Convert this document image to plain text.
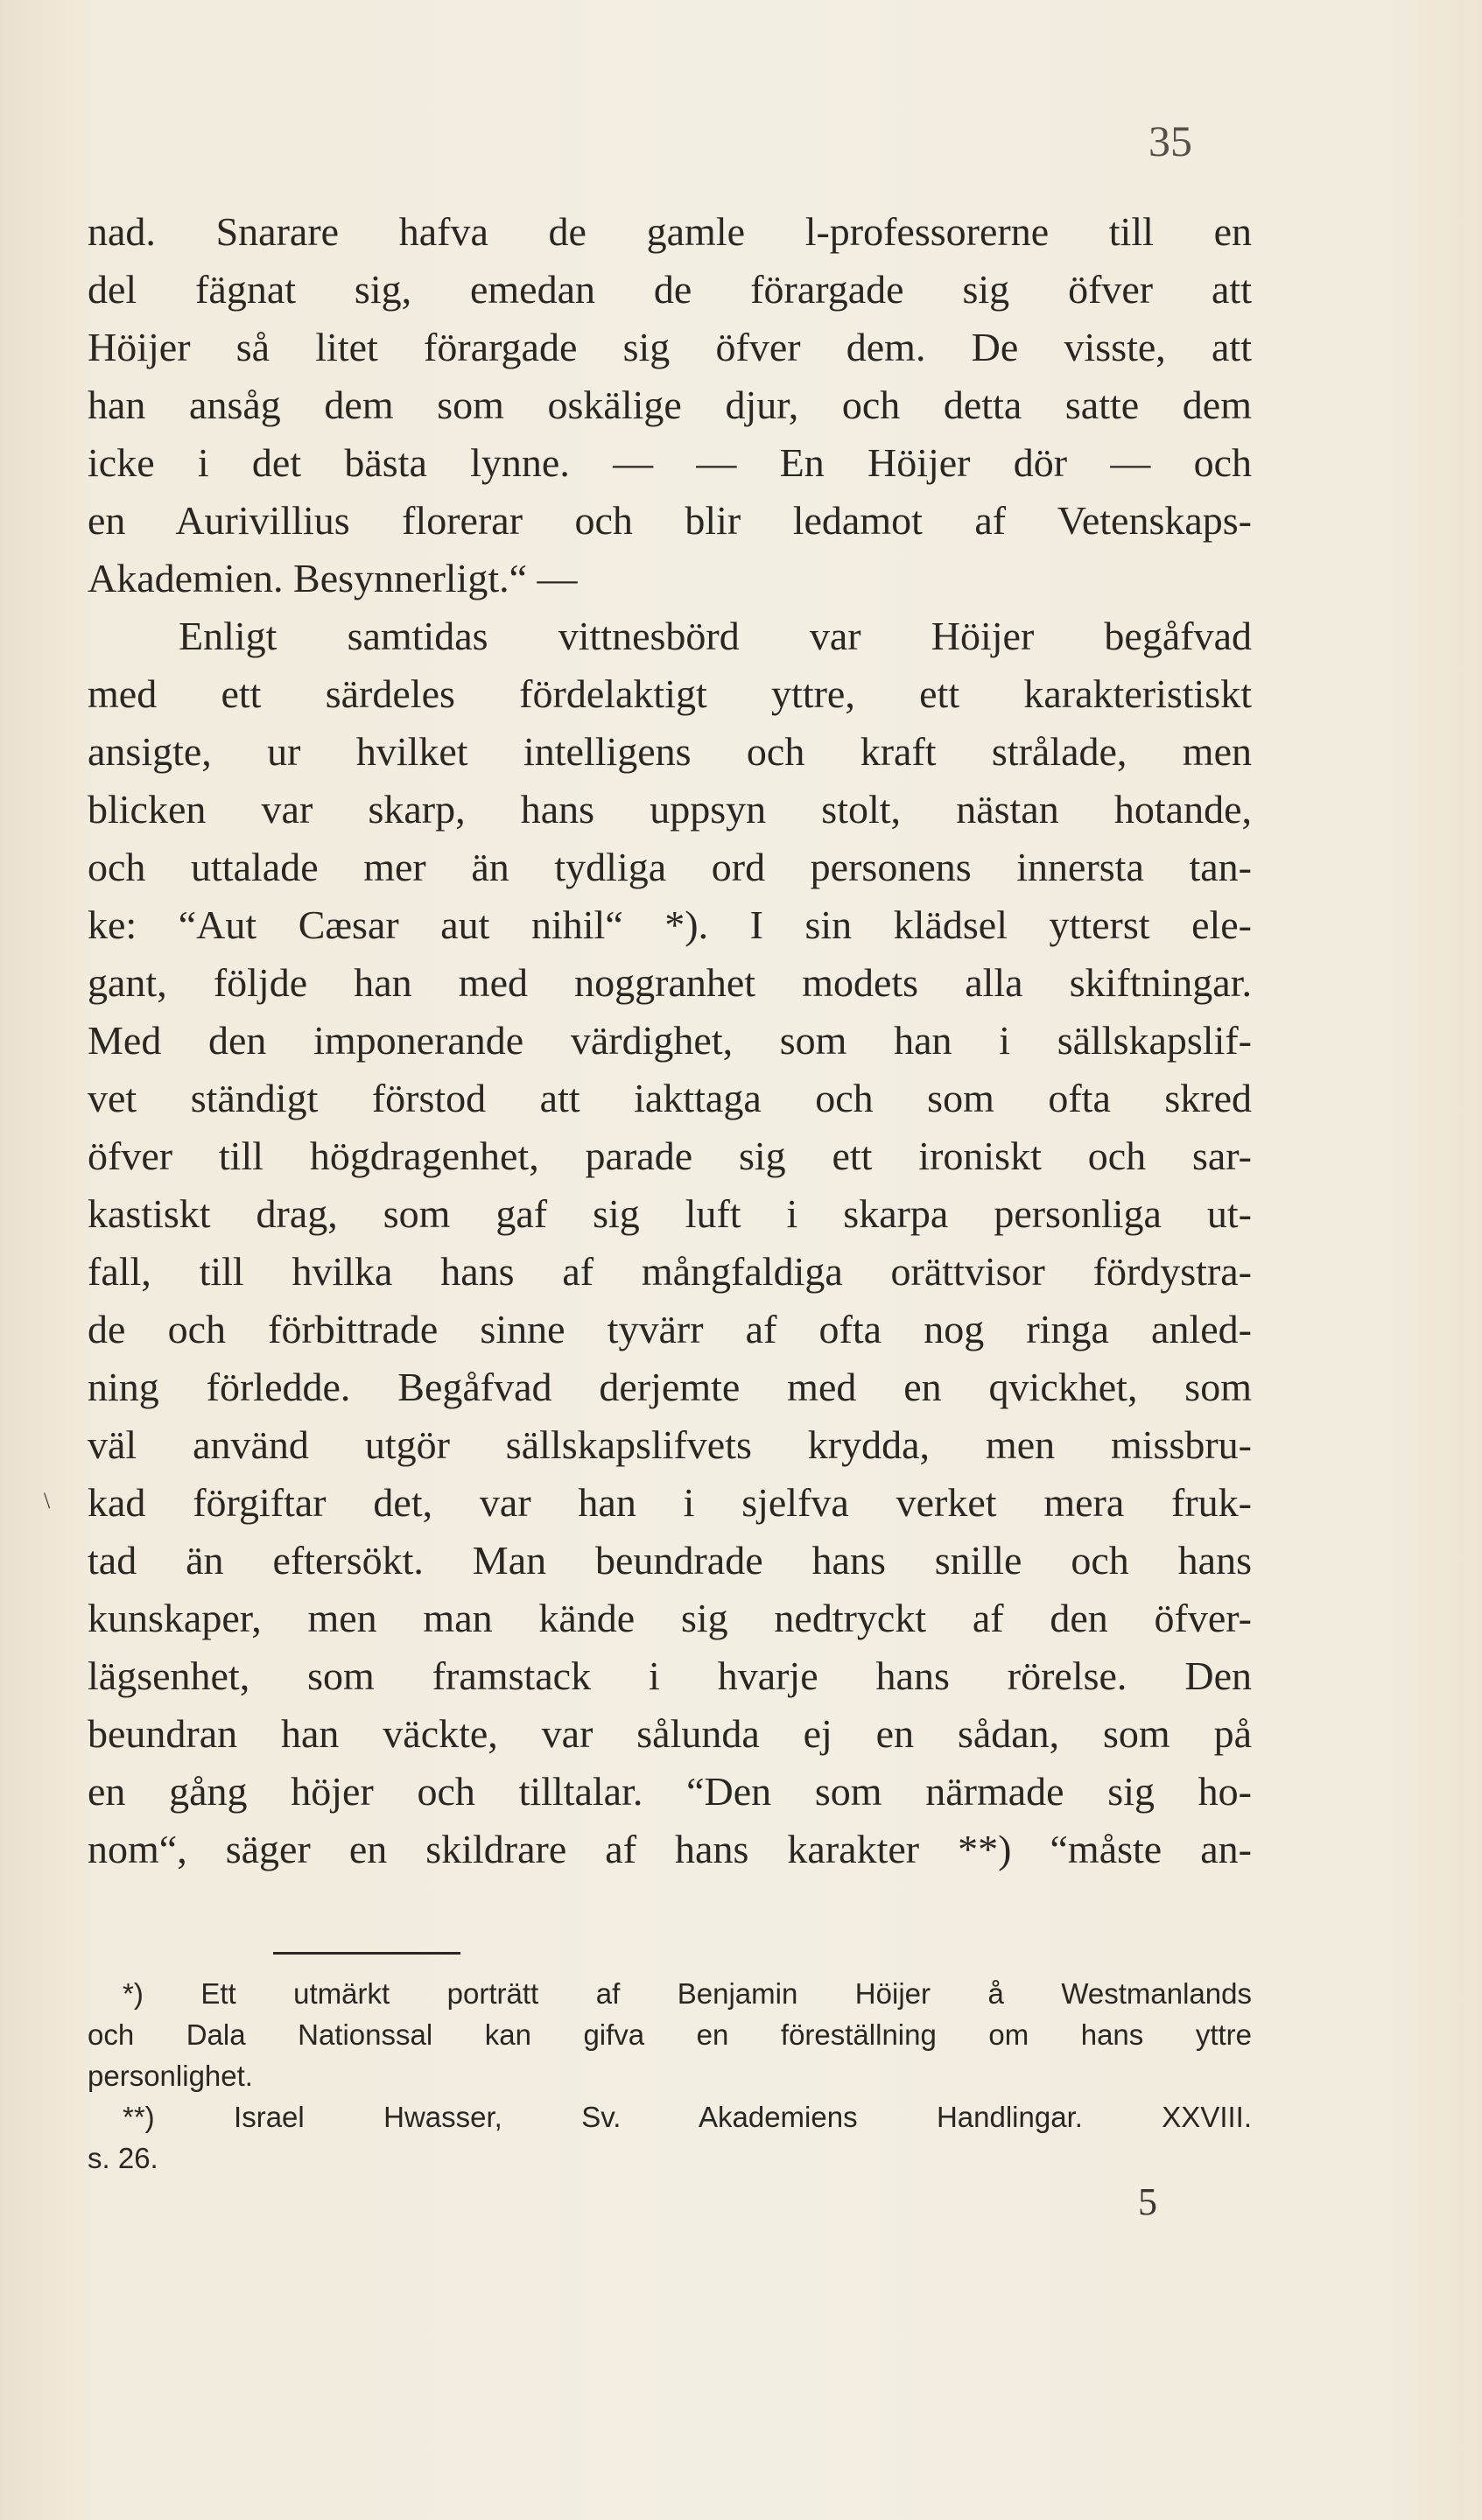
35
\
nad. Snarare hafva de gamle l-professorerne till en
del fägnat sig, emedan de förargade sig öfver att
Höijer så litet förargade sig öfver dem. De visste, att
han ansåg dem som oskälige djur, och detta satte dem
icke i det bästa lynne. — — En Höijer dör — och
en Aurivillius florerar och blir ledamot af Vetenskaps-
Akademien. Besynnerligt.“ —
Enligt samtidas vittnesbörd var Höijer begåfvad
med ett särdeles fördelaktigt yttre, ett karakteristiskt
ansigte, ur hvilket intelligens och kraft strålade, men
blicken var skarp, hans uppsyn stolt, nästan hotande,
och uttalade mer än tydliga ord personens innersta tan-
ke: “Aut Cæsar aut nihil“ *). I sin klädsel ytterst ele-
gant, följde han med noggranhet modets alla skiftningar.
Med den imponerande värdighet, som han i sällskapslif-
vet ständigt förstod att iakttaga och som ofta skred
öfver till högdragenhet, parade sig ett ironiskt och sar-
kastiskt drag, som gaf sig luft i skarpa personliga ut-
fall, till hvilka hans af mångfaldiga orättvisor fördystra-
de och förbittrade sinne tyvärr af ofta nog ringa anled-
ning förledde. Begåfvad derjemte med en qvickhet, som
väl använd utgör sällskapslifvets krydda, men missbru-
kad förgiftar det, var han i sjelfva verket mera fruk-
tad än eftersökt. Man beundrade hans snille och hans
kunskaper, men man kände sig nedtryckt af den öfver-
lägsenhet, som framstack i hvarje hans rörelse. Den
beundran han väckte, var sålunda ej en sådan, som på
en gång höjer och tilltalar. “Den som närmade sig ho-
nom“, säger en skildrare af hans karakter **) “måste an-
*) Ett utmärkt porträtt af Benjamin Höijer å Westmanlands
och Dala Nationssal kan gifva en föreställning om hans yttre
personlighet.
**) Israel Hwasser, Sv. Akademiens Handlingar. XXVIII.
s. 26.
5
